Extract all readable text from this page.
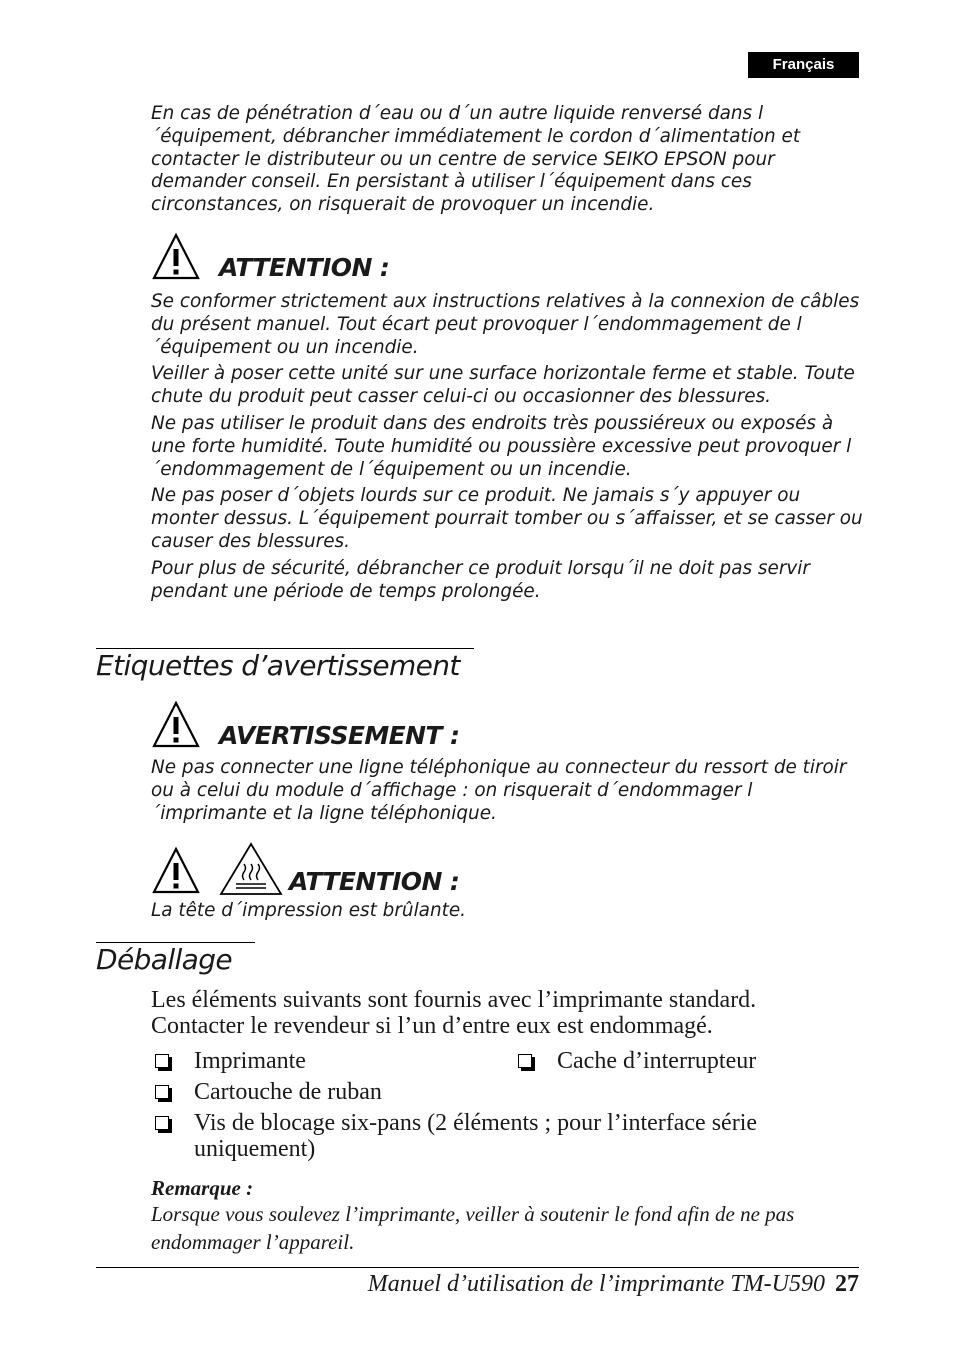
Français

En cas de pénétration d´eau ou d´un autre liquide renversé dans l´équipement, débrancher immédiatement le cordon d´alimentation et contacter le distributeur ou un centre de service SEIKO EPSON pour demander conseil. En persistant à utiliser l´équipement dans ces circonstances, on risquerait de provoquer un incendie.

ATTENTION :

Se conformer strictement aux instructions relatives à la connexion de câbles du présent manuel. Tout écart peut provoquer l´endommagement de l´équipement ou un incendie.

Veiller à poser cette unité sur une surface horizontale ferme et stable. Toute chute du produit peut casser celui-ci ou occasionner des blessures.

Ne pas utiliser le produit dans des endroits très poussiéreux ou exposés à une forte humidité. Toute humidité ou poussière excessive peut provoquer l´endommagement de l´équipement ou un incendie.

Ne pas poser d´objets lourds sur ce produit. Ne jamais s´y appuyer ou monter dessus. L´équipement pourrait tomber ou s´affaisser, et se casser ou causer des blessures.

Pour plus de sécurité, débrancher ce produit lorsqu´il ne doit pas servir pendant une période de temps prolongée.

Etiquettes d’avertissement
AVERTISSEMENT :

Ne pas connecter une ligne téléphonique au connecteur du ressort de tiroir ou à celui du module d´affichage : on risquerait d´endommager l´imprimante et la ligne téléphonique.

ATTENTION :

La tête d´impression est brûlante.

Déballage
Les éléments suivants sont fournis avec l’imprimante standard. Contacter le revendeur si l’un d’entre eux est endommagé.
Imprimante	Cache d’interrupteur
Cartouche de ruban
Vis de blocage six-pans (2 éléments ; pour l’interface série uniquement)
Remarque :
Lorsque vous soulevez l’imprimante, veiller à soutenir le fond afin de ne pas endommager l’appareil.
Manuel d’utilisation de l’imprimante TM-U590 27
